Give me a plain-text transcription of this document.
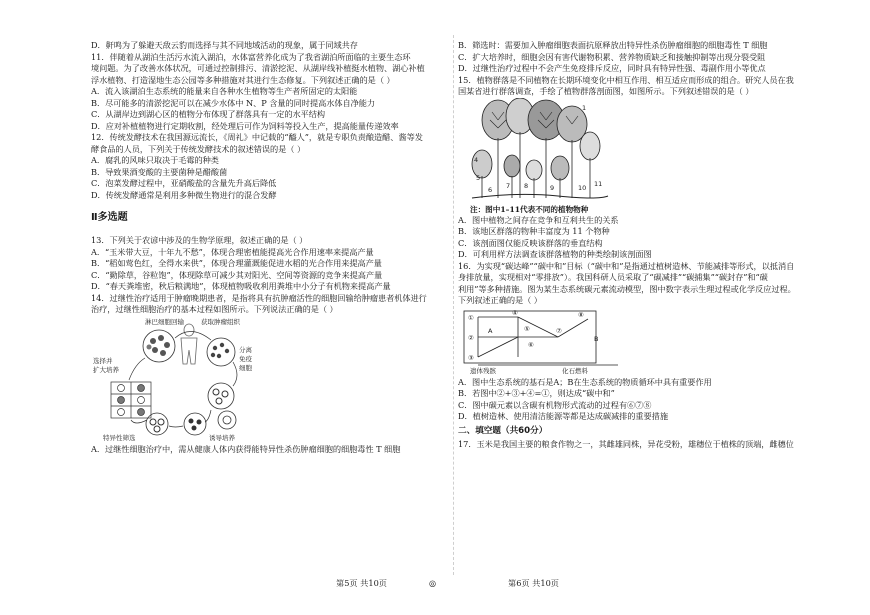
D．鼾鸣为了躲避天敌云豹而选择与其不同地域活动的现象，属于同域共存
11．伴随着从湖泊生活污水流入湖泊，水体富营养化成为了我省湖泊所面临的主要生态环
境问题。为了改善水体状况，可通过控制排污、清淤挖泥、从湖岸线补植挺水植物、湖心补植
浮水植物、打造湿地生态公园等多种措施对其进行生态修复。下列叙述正确的是（ ）
A．流入该湖泊生态系统的能量来自各种水生植物等生产者所固定的太阳能
B．尽可能多的清淤挖泥可以在减少水体中 N、P 含量的同时提高水体自净能力
C．从湖岸边到湖心区的植物分布体现了群落具有一定的水平结构
D．应对补植植物进行定期收割，经处理后可作为饲料等投入生产，提高能量传递效率
12．传统发酵技术在我国源远流长，《周礼》中记载的“醯人”，就是专职负责酿造醋、酱等发
酵食品的人员，下列关于传统发酵技术的叙述错误的是（ ）
A．腐乳的风味只取决于毛霉的种类
B．导致果酒变酸的主要菌种是醋酸菌
C．泡菜发酵过程中，亚硝酸盐的含量先升高后降低
D．传统发酵通常是利用多种微生物进行的混合发酵
Ⅱ多选题
13．下列关于农谚中涉及的生物学原理，叙述正确的是（ ）
A．“玉米带大豆，十年九不愁”，体现合理密植能提高光合作用速率来提高产量
B．“稻如莺色红，全得水来供”，体现合理灌溉能促进水稻的光合作用来提高产量
C．“勤除草，谷粒饱”，体现除草可减少其对阳光、空间等资源的竞争来提高产量
D．“春天粪堆密，秋后粮满地”，体现植物吸收利用粪堆中小分子有机物来提高产量
14．过继性治疗适用于肿瘤晚期患者，是指将具有抗肿瘤活性的细胞回输给肿瘤患者机体进行
治疗，过继性细胞治疗的基本过程如图所示。下列说法正确的是（ ）
淋巴细胞回输	获取肿瘤组织
分离
免疫
细胞
选择并
扩大培养
特异性筛选	诱导培养
A．过继性细胞治疗中，需从健康人体内获得能特异性杀伤肿瘤细胞的细胞毒性 T 细胞
B．筛选时：需要加入肿瘤细胞表面抗原释放出特异性杀伤肿瘤细胞的细胞毒性 T 细胞
C．扩大培养时，细胞会因有害代谢物积累、营养物质缺乏和接触抑制等出现分裂受阻
D．过继性治疗过程中不会产生免疫排斥反应，同时具有特异性强、毒副作用小等优点
15．植物群落是不同植物在长期环境变化中相互作用、相互适应而形成的组合。研究人员在我
国某省进行群落调查，手绘了植物群落剖面图，如图所示。下列叙述错误的是（ ）
4
5
6 7 8	9	10 11
1
注：图中1–11代表不同的植物物种
A．图中植物之间存在竞争和互利共生的关系
B．该地区群落的物种丰富度为 11 个物种
C．该剖面图仅能反映该群落的垂直结构
D．可利用样方法调查该群落植物的种类绘制该剖面图
16．为实现“碳达峰”“碳中和”目标（“碳中和”是指通过植树造林、节能减排等形式，以抵消自
身排放量，实现相对“零排放”）。我国科研人员采取了“碳减排”“碳捕集”“碳封存”和“碳
利用”等多种措施。图为某生态系统碳元素流动模型，图中数字表示生理过程或化学反应过程。
下列叙述正确的是（ ）
①
②
③
④
⑤
⑥
⑦
⑧
B
A
遗体残骸	化石燃料
A．图中生态系统的基石是A；B在生态系统的物质循环中具有重要作用
B．若图中②+③+④=①，则达成“碳中和”
C．图中碳元素以含碳有机物形式流动的过程有⑥⑦⑧
D．植树造林、使用清洁能源等都是达成碳减排的重要措施
二、填空题（共60分）
17．玉米是我国主要的粮食作物之一，其雌雄同株，异花受粉，雄穗位于植株的顶端，雌穗位
第5页 共10页	◎	第6页 共10页
